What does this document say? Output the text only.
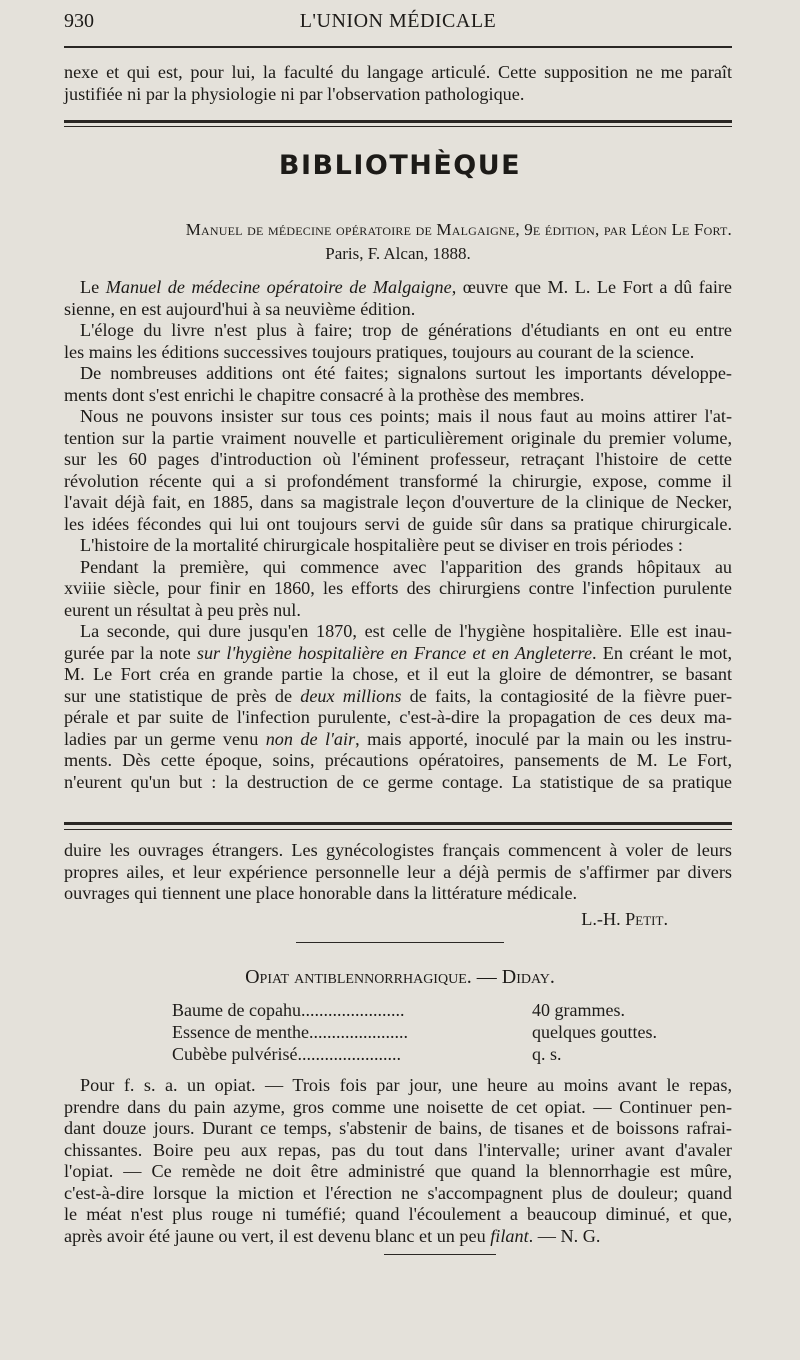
930	L'UNION MÉDICALE

nexe et qui est, pour lui, la faculté du langage articulé. Cette supposition ne me paraît

justifiée ni par la physiologie ni par l'observation pathologique.

BIBLIOTHÈQUE

Manuel de médecine opératoire de Malgaigne, 9e édition, par Léon Le Fort.

Paris, F. Alcan, 1888.

Le Manuel de médecine opératoire de Malgaigne, œuvre que M. L. Le Fort a dû faire

sienne, en est aujourd'hui à sa neuvième édition.

L'éloge du livre n'est plus à faire; trop de générations d'étudiants en ont eu entre

les mains les éditions successives toujours pratiques, toujours au courant de la science.

De nombreuses additions ont été faites; signalons surtout les importants développe-

ments dont s'est enrichi le chapitre consacré à la prothèse des membres.

Nous ne pouvons insister sur tous ces points; mais il nous faut au moins attirer l'at-

tention sur la partie vraiment nouvelle et particulièrement originale du premier volume,

sur les 60 pages d'introduction où l'éminent professeur, retraçant l'histoire de cette

révolution récente qui a si profondément transformé la chirurgie, expose, comme il

l'avait déjà fait, en 1885, dans sa magistrale leçon d'ouverture de la clinique de Necker,

les idées fécondes qui lui ont toujours servi de guide sûr dans sa pratique chirurgicale.

L'histoire de la mortalité chirurgicale hospitalière peut se diviser en trois périodes :

Pendant la première, qui commence avec l'apparition des grands hôpitaux au

xviiie siècle, pour finir en 1860, les efforts des chirurgiens contre l'infection purulente

eurent un résultat à peu près nul.

La seconde, qui dure jusqu'en 1870, est celle de l'hygiène hospitalière. Elle est inau-

gurée par la note sur l'hygiène hospitalière en France et en Angleterre. En créant le mot,

M. Le Fort créa en grande partie la chose, et il eut la gloire de démontrer, se basant

sur une statistique de près de deux millions de faits, la contagiosité de la fièvre puer-

pérale et par suite de l'infection purulente, c'est-à-dire la propagation de ces deux ma-

ladies par un germe venu non de l'air, mais apporté, inoculé par la main ou les instru-

ments. Dès cette époque, soins, précautions opératoires, pansements de M. Le Fort,

n'eurent qu'un but : la destruction de ce germe contage. La statistique de sa pratique

duire les ouvrages étrangers. Les gynécologistes français commencent à voler de leurs

propres ailes, et leur expérience personnelle leur a déjà permis de s'affirmer par divers

ouvrages qui tiennent une place honorable dans la littérature médicale.

L.-H. Petit.

Opiat antiblennorrhagique. — Diday.
Baume de copahu.......................	40 grammes.
Essence de menthe......................	quelques gouttes.
Cubèbe pulvérisé.......................	q. s.

Pour f. s. a. un opiat. — Trois fois par jour, une heure au moins avant le repas,

prendre dans du pain azyme, gros comme une noisette de cet opiat. — Continuer pen-

dant douze jours. Durant ce temps, s'abstenir de bains, de tisanes et de boissons rafrai-

chissantes. Boire peu aux repas, pas du tout dans l'intervalle; uriner avant d'avaler

l'opiat. — Ce remède ne doit être administré que quand la blennorrhagie est mûre,

c'est-à-dire lorsque la miction et l'érection ne s'accompagnent plus de douleur; quand

le méat n'est plus rouge ni tuméfié; quand l'écoulement a beaucoup diminué, et que,

après avoir été jaune ou vert, il est devenu blanc et un peu filant. — N. G.
